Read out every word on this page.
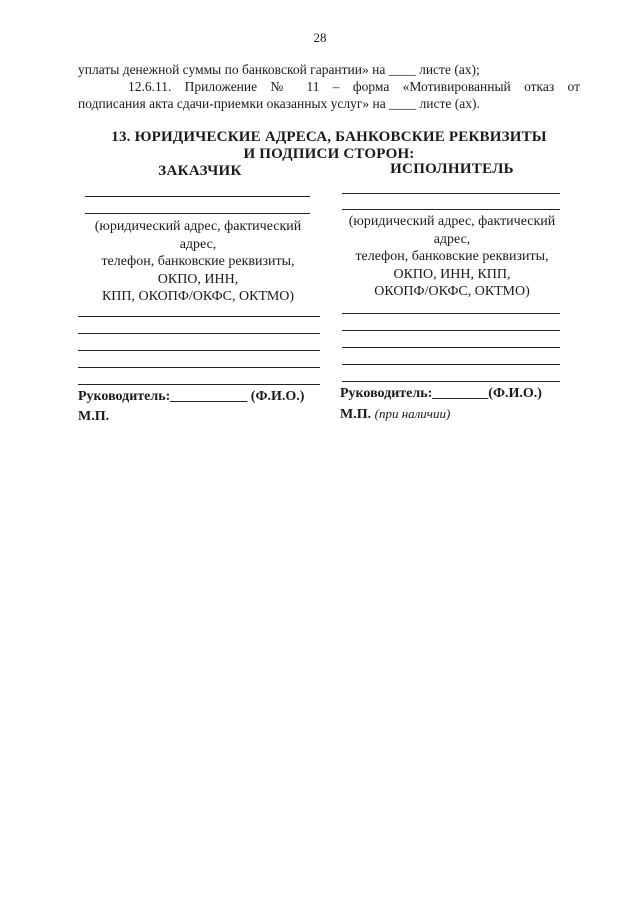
28
уплаты денежной суммы по банковской гарантии» на ____ листе (ах);
12.6.11. Приложение № 11 – форма «Мотивированный отказ от
подписания акта сдачи-приемки оказанных услуг» на ____ листе (ах).
13. ЮРИДИЧЕСКИЕ АДРЕСА, БАНКОВСКИЕ РЕКВИЗИТЫ
И ПОДПИСИ СТОРОН:
ЗАКАЗЧИК
(юридический адрес, фактический
адрес,
телефон, банковские реквизиты,
ОКПО, ИНН,
КПП, ОКОПФ/ОКФС, ОКТМО)
Руководитель:___________ (Ф.И.О.)
М.П.
ИСПОЛНИТЕЛЬ
(юридический адрес, фактический
адрес,
телефон, банковские реквизиты,
ОКПО, ИНН, КПП,
ОКОПФ/ОКФС, ОКТМО)
Руководитель:________(Ф.И.О.)
М.П. (при наличии)
